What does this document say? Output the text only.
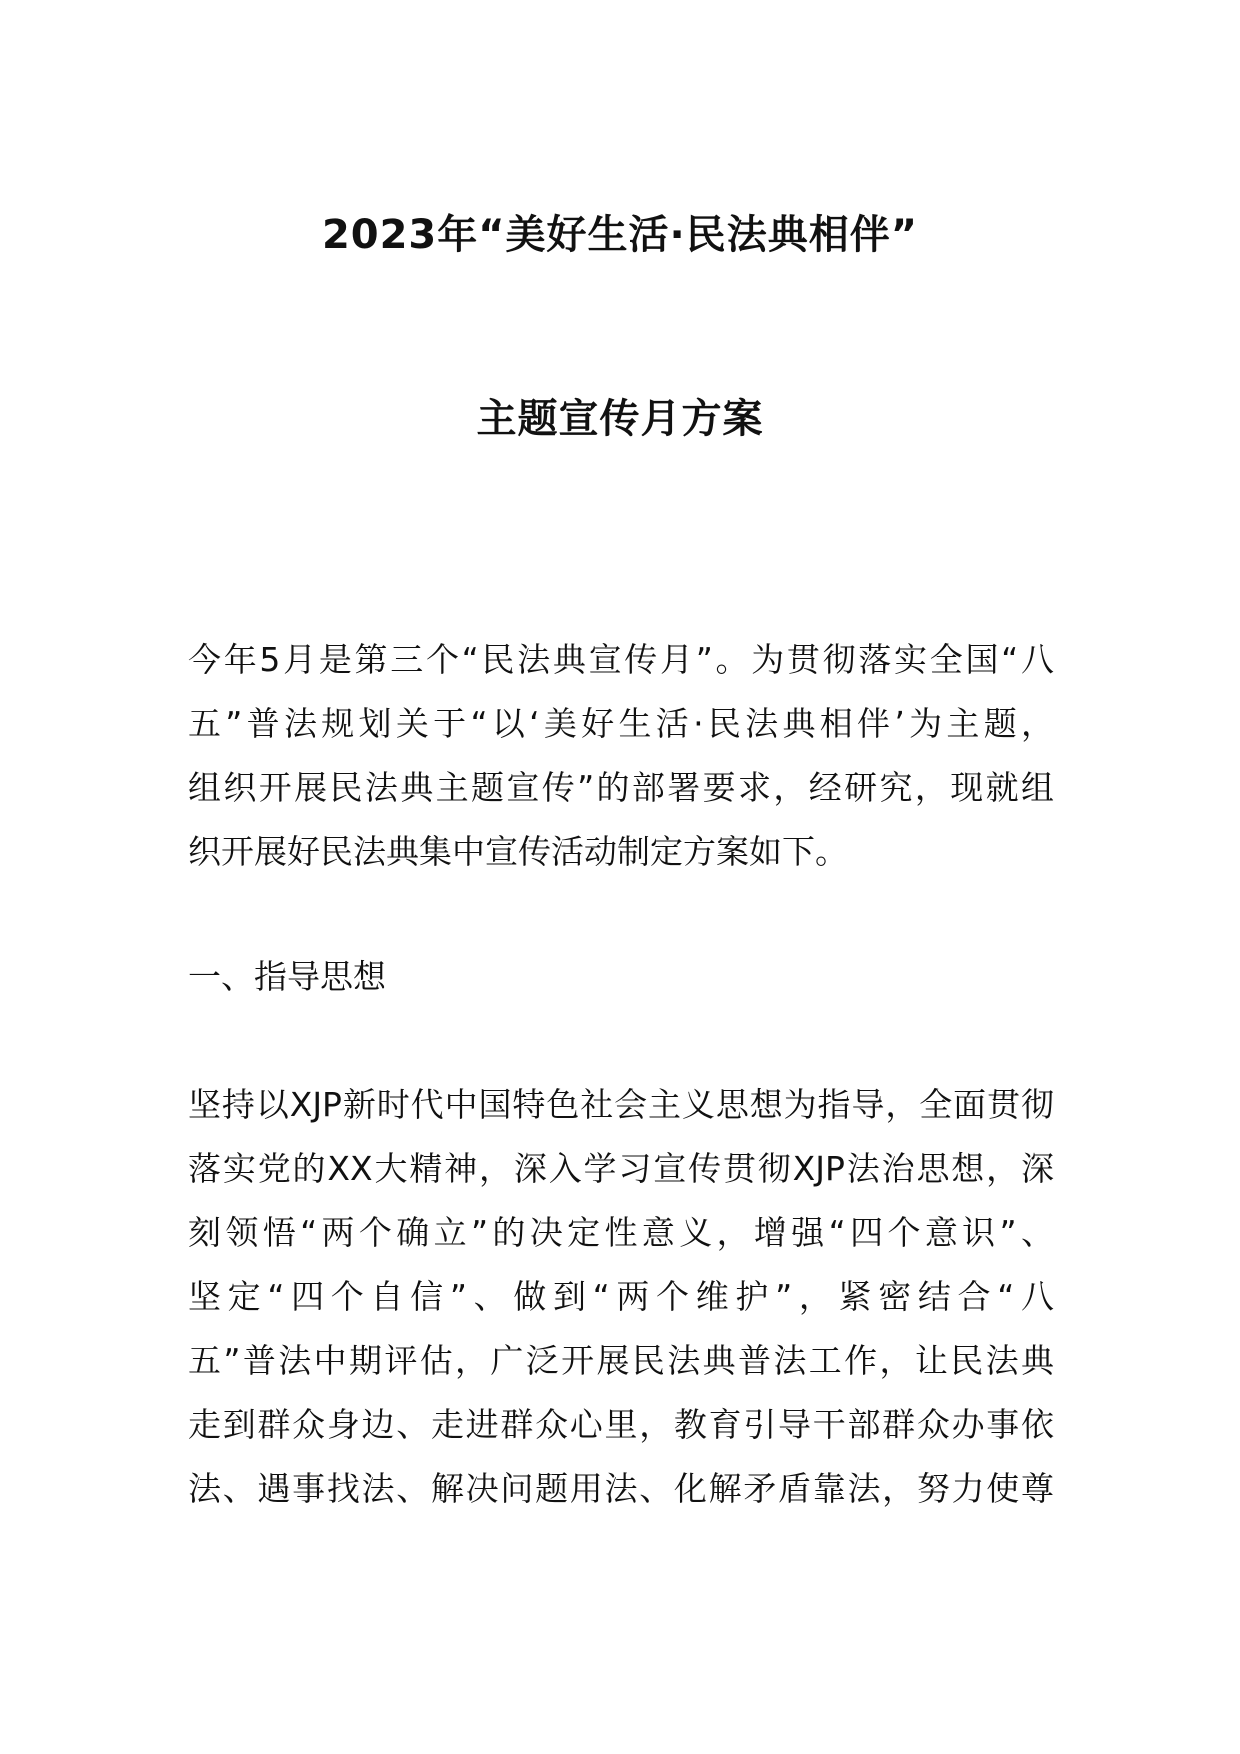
2023年“美好生活·民法典相伴”
主题宣传月方案
今年5月是第三个“民法典宣传月”。为贯彻落实全国“八
五”普法规划关于“以‘美好生活·民法典相伴’为主题，
组织开展民法典主题宣传”的部署要求，经研究，现就组
织开展好民法典集中宣传活动制定方案如下。
一、指导思想
坚持以XJP新时代中国特色社会主义思想为指导，全面贯彻
落实党的XX大精神，深入学习宣传贯彻XJP法治思想，深
刻领悟“两个确立”的决定性意义，增强“四个意识”、
坚定“四个自信”、做到“两个维护”，紧密结合“八
五”普法中期评估，广泛开展民法典普法工作，让民法典
走到群众身边、走进群众心里，教育引导干部群众办事依
法、遇事找法、解决问题用法、化解矛盾靠法，努力使尊
